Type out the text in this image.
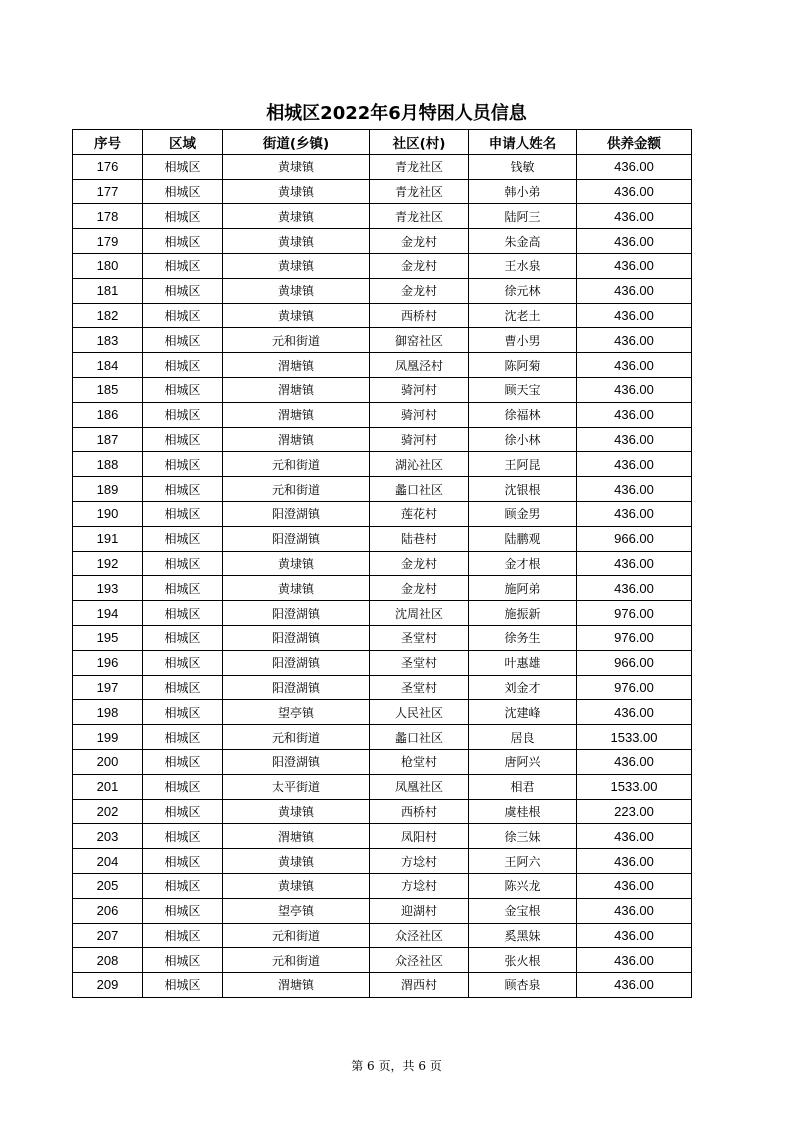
相城区2022年6月特困人员信息
序号	区域	街道(乡镇)	社区(村)	申请人姓名	供养金额
176	相城区	黄埭镇	青龙社区	钱敏	436.00
177	相城区	黄埭镇	青龙社区	韩小弟	436.00
178	相城区	黄埭镇	青龙社区	陆阿三	436.00
179	相城区	黄埭镇	金龙村	朱金高	436.00
180	相城区	黄埭镇	金龙村	王水泉	436.00
181	相城区	黄埭镇	金龙村	徐元林	436.00
182	相城区	黄埭镇	西桥村	沈老土	436.00
183	相城区	元和街道	御窑社区	曹小男	436.00
184	相城区	渭塘镇	凤凰泾村	陈阿菊	436.00
185	相城区	渭塘镇	骑河村	顾天宝	436.00
186	相城区	渭塘镇	骑河村	徐福林	436.00
187	相城区	渭塘镇	骑河村	徐小林	436.00
188	相城区	元和街道	湖沁社区	王阿昆	436.00
189	相城区	元和街道	蠡口社区	沈银根	436.00
190	相城区	阳澄湖镇	莲花村	顾金男	436.00
191	相城区	阳澄湖镇	陆巷村	陆鹏观	966.00
192	相城区	黄埭镇	金龙村	金才根	436.00
193	相城区	黄埭镇	金龙村	施阿弟	436.00
194	相城区	阳澄湖镇	沈周社区	施振新	976.00
195	相城区	阳澄湖镇	圣堂村	徐务生	976.00
196	相城区	阳澄湖镇	圣堂村	叶惠雄	966.00
197	相城区	阳澄湖镇	圣堂村	刘金才	976.00
198	相城区	望亭镇	人民社区	沈建峰	436.00
199	相城区	元和街道	蠡口社区	居良	1533.00
200	相城区	阳澄湖镇	枪堂村	唐阿兴	436.00
201	相城区	太平街道	凤凰社区	相君	1533.00
202	相城区	黄埭镇	西桥村	虞桂根	223.00
203	相城区	渭塘镇	凤阳村	徐三妹	436.00
204	相城区	黄埭镇	方埝村	王阿六	436.00
205	相城区	黄埭镇	方埝村	陈兴龙	436.00
206	相城区	望亭镇	迎湖村	金宝根	436.00
207	相城区	元和街道	众泾社区	奚黑妹	436.00
208	相城区	元和街道	众泾社区	张火根	436.00
209	相城区	渭塘镇	渭西村	顾杏泉	436.00
第 6 页，共 6 页
